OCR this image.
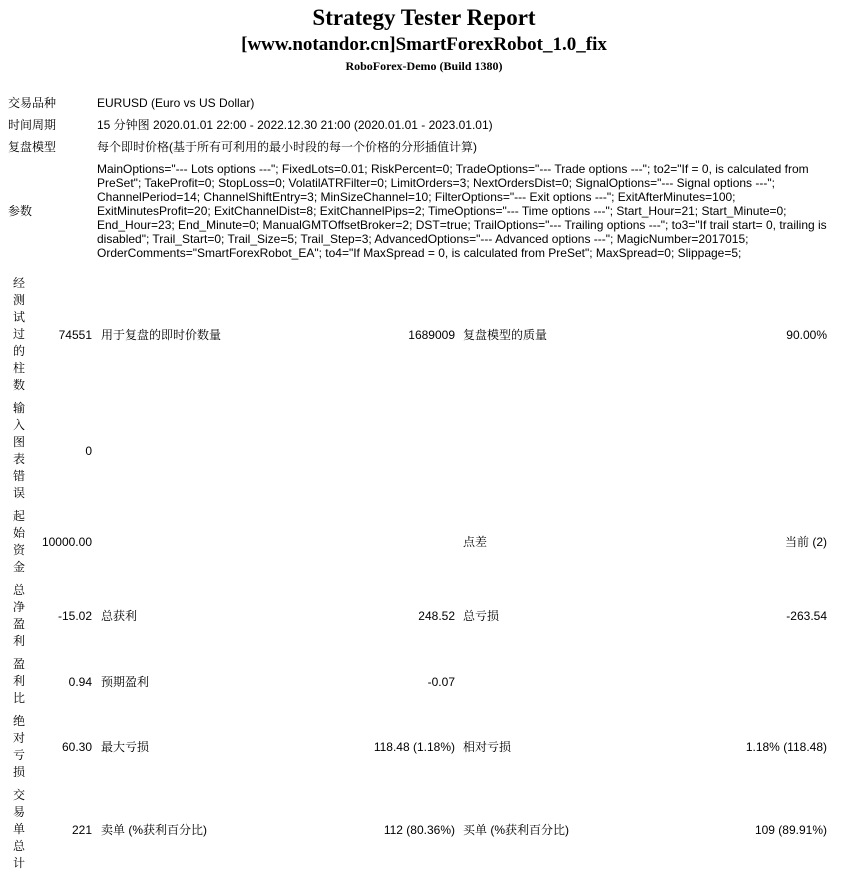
Strategy Tester Report
[www.notandor.cn]SmartForexRobot_1.0_fix
RoboForex-Demo (Build 1380)
交易品种	EURUSD (Euro vs US Dollar)
时间周期	15 分钟图 2020.01.01 22:00 - 2022.12.30 21:00 (2020.01.01 - 2023.01.01)
复盘模型	每个即时价格(基于所有可利用的最小时段的每一个价格的分形插值计算)
参数	MainOptions="--- Lots options ---"; FixedLots=0.01; RiskPercent=0; TradeOptions="--- Trade options ---"; to2="If = 0, is calculated from PreSet"; TakeProfit=0; StopLoss=0; VolatilATRFilter=0; LimitOrders=3; NextOrdersDist=0; SignalOptions="--- Signal options ---"; ChannelPeriod=14; ChannelShiftEntry=3; MinSizeChannel=10; FilterOptions="--- Exit options ---"; ExitAfterMinutes=100; ExitMinutesProfit=20; ExitChannelDist=8; ExitChannelPips=2; TimeOptions="--- Time options ---"; Start_Hour=21; Start_Minute=0; End_Hour=23; End_Minute=0; ManualGMTOffsetBroker=2; DST=true; TrailOptions="--- Trailing options ---"; to3="If trail start= 0, trailing is disabled"; Trail_Start=0; Trail_Size=5; Trail_Step=3; AdvancedOptions="--- Advanced options ---"; MagicNumber=2017015; OrderComments="SmartForexRobot_EA"; to4="If MaxSpread = 0, is calculated from PreSet"; MaxSpread=0; Slippage=5;
经测试过的柱数	74551	用于复盘的即时价数量	1689009	复盘模型的质量	90.00%
输入图表错误	0				
起始资金	10000.00			点差	当前 (2)
总净盈利	-15.02	总获利	248.52	总亏损	-263.54
盈利比	0.94	预期盈利	-0.07		
绝对亏损	60.30	最大亏损	118.48 (1.18%)	相对亏损	1.18% (118.48)
交易单总计	221	卖单 (%获利百分比)	112 (80.36%)	买单 (%获利百分比)	109 (89.91%)
